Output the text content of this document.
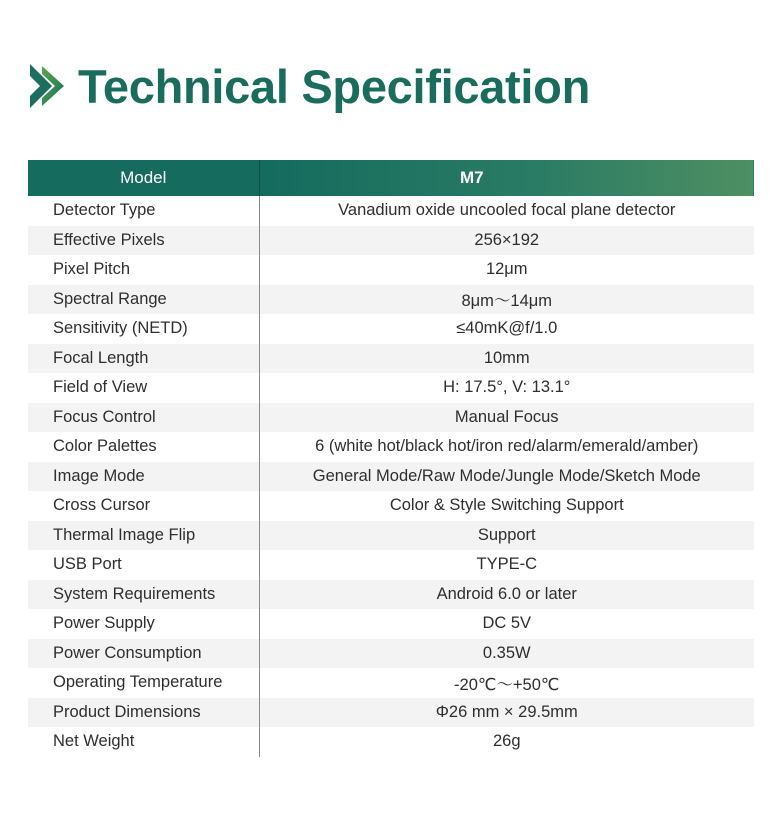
Technical Specification
Model	M7
Detector Type	Vanadium oxide uncooled focal plane detector
Effective Pixels	256×192
Pixel Pitch	12μm
Spectral Range	8μm～14μm
Sensitivity (NETD)	≤40mK@f/1.0
Focal Length	10mm
Field of View	H: 17.5°, V: 13.1°
Focus Control	Manual Focus
Color Palettes	6 (white hot/black hot/iron red/alarm/emerald/amber)
Image Mode	General Mode/Raw Mode/Jungle Mode/Sketch Mode
Cross Cursor	Color & Style Switching Support
Thermal Image Flip	Support
USB Port	TYPE-C
System Requirements	Android 6.0 or later
Power Supply	DC 5V
Power Consumption	0.35W
Operating Temperature	-20℃～+50℃
Product Dimensions	Φ26 mm × 29.5mm
Net Weight	26g
